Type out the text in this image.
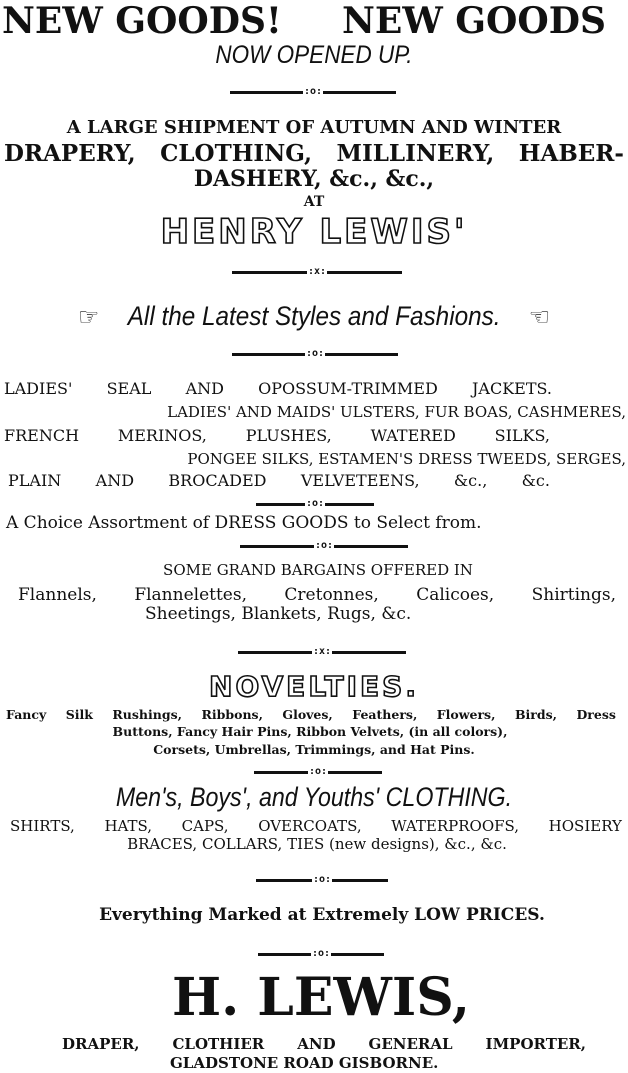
NEW GOODS! NEW GOODS
NOW OPENED UP.
:o:
A LARGE SHIPMENT OF AUTUMN AND WINTER
DRAPERY, CLOTHING, MILLINERY, HABER-
DASHERY, &c., &c.,
AT
HENRY LEWIS'
:x:
☞ All the Latest Styles and Fashions. ☜
:o:
LADIES' SEAL AND OPOSSUM-TRIMMED JACKETS.
LADIES' AND MAIDS' ULSTERS, FUR BOAS, CASHMERES,
FRENCH MERINOS, PLUSHES, WATERED SILKS,
PONGEE SILKS, ESTAMEN'S DRESS TWEEDS, SERGES,
PLAIN AND BROCADED VELVETEENS, &c., &c.
:o:
A Choice Assortment of DRESS GOODS to Select from.
:o:
SOME GRAND BARGAINS OFFERED IN
Flannels, Flannelettes, Cretonnes, Calicoes, Shirtings,
Sheetings, Blankets, Rugs, &c.
:x:
NOVELTIES.
Fancy Silk Rushings, Ribbons, Gloves, Feathers, Flowers, Birds, Dress
Buttons, Fancy Hair Pins, Ribbon Velvets, (in all colors),
Corsets, Umbrellas, Trimmings, and Hat Pins.
:o:
Men's, Boys', and Youths' CLOTHING.
SHIRTS, HATS, CAPS, OVERCOATS, WATERPROOFS, HOSIERY
BRACES, COLLARS, TIES (new designs), &c., &c.
:o:
Everything Marked at Extremely LOW PRICES.
:o:
H. LEWIS,
DRAPER, CLOTHIER AND GENERAL IMPORTER,
GLADSTONE ROAD GISBORNE.
